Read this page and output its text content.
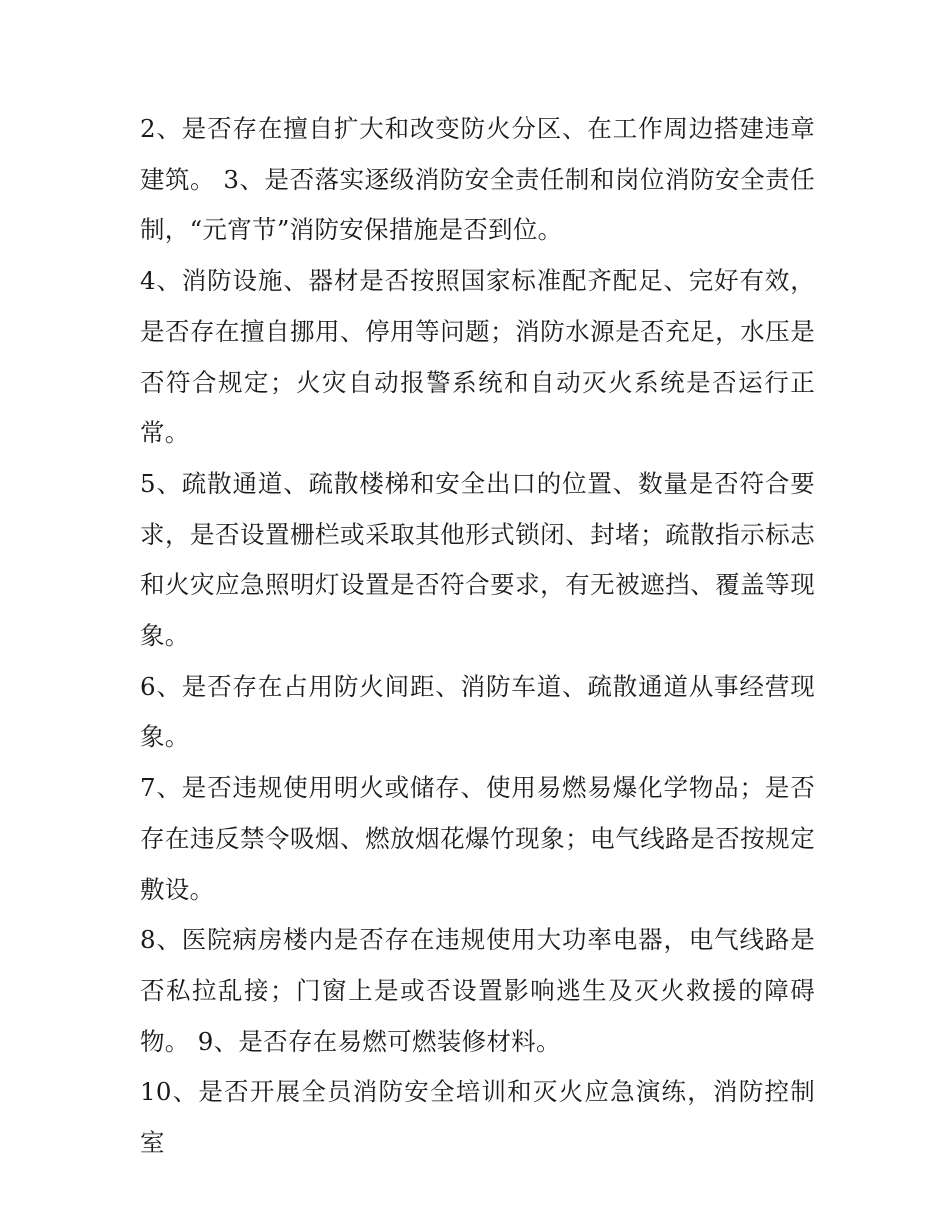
2、是否存在擅自扩大和改变防火分区、在工作周边搭建违章建筑。 3、是否落实逐级消防安全责任制和岗位消防安全责任制，“元宵节”消防安保措施是否到位。

4、消防设施、器材是否按照国家标准配齐配足、完好有效，是否存在擅自挪用、停用等问题；消防水源是否充足，水压是否符合规定；火灾自动报警系统和自动灭火系统是否运行正常。

5、疏散通道、疏散楼梯和安全出口的位置、数量是否符合要求，是否设置栅栏或采取其他形式锁闭、封堵；疏散指示标志和火灾应急照明灯设置是否符合要求，有无被遮挡、覆盖等现象。

6、是否存在占用防火间距、消防车道、疏散通道从事经营现象。

7、是否违规使用明火或储存、使用易燃易爆化学物品；是否存在违反禁令吸烟、燃放烟花爆竹现象；电气线路是否按规定敷设。

8、医院病房楼内是否存在违规使用大功率电器，电气线路是否私拉乱接；门窗上是或否设置影响逃生及灭火救援的障碍物。 9、是否存在易燃可燃装修材料。

10、是否开展全员消防安全培训和灭火应急演练，消防控制室
